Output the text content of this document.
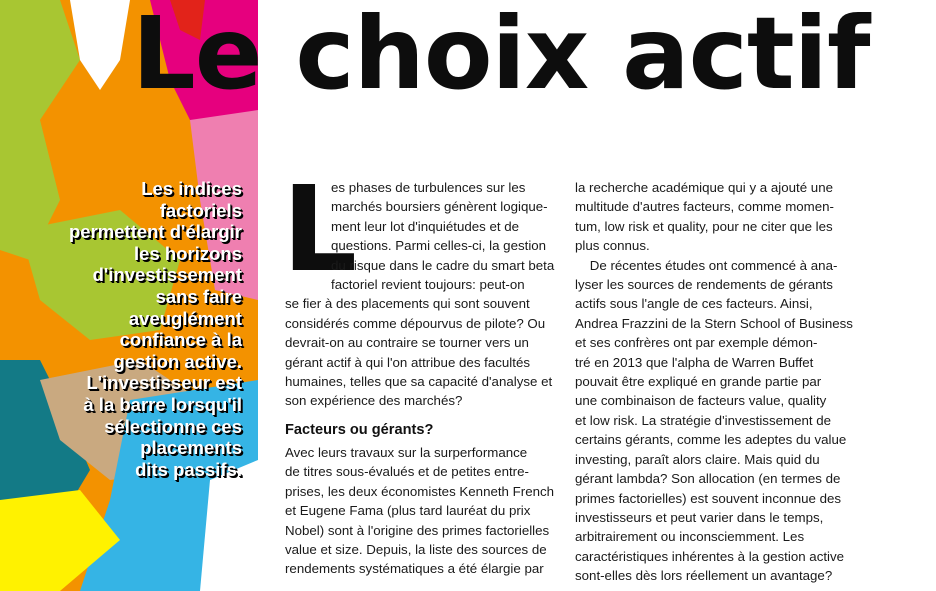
Les indices
factoriels
permettent d'élargir
les horizons
d'investissement
sans faire
aveuglément
confiance à la
gestion active.
L'investisseur est
à la barre lorsqu'il
sélectionne ces
placements
dits passifs.

Le choix actif
L

es phases de turbulences sur les
marchés boursiers génèrent logique-
ment leur lot d'inquiétudes et de
questions. Parmi celles-ci, la gestion
du risque dans le cadre du smart beta
factoriel revient toujours: peut-on
se fier à des placements qui sont souvent
considérés comme dépourvus de pilote? Ou
devrait-on au contraire se tourner vers un
gérant actif à qui l'on attribue des facultés
humaines, telles que sa capacité d'analyse et
son expérience des marchés?

Facteurs ou gérants?

Avec leurs travaux sur la surperformance
de titres sous-évalués et de petites entre-
prises, les deux économistes Kenneth French
et Eugene Fama (plus tard lauréat du prix
Nobel) sont à l'origine des primes factorielles
value et size. Depuis, la liste des sources de
rendements systématiques a été élargie par

la recherche académique qui y a ajouté une
multitude d'autres facteurs, comme momen-
tum, low risk et quality, pour ne citer que les
plus connus.
De récentes études ont commencé à ana-
lyser les sources de rendements de gérants
actifs sous l'angle de ces facteurs. Ainsi,
Andrea Frazzini de la Stern School of Business
et ses confrères ont par exemple démon-
tré en 2013 que l'alpha de Warren Buffet
pouvait être expliqué en grande partie par
une combinaison de facteurs value, quality
et low risk. La stratégie d'investissement de
certains gérants, comme les adeptes du value
investing, paraît alors claire. Mais quid du
gérant lambda? Son allocation (en termes de
primes factorielles) est souvent inconnue des
investisseurs et peut varier dans le temps,
arbitrairement ou inconsciemment. Les
caractéristiques inhérentes à la gestion active
sont-elles dès lors réellement un avantage?
